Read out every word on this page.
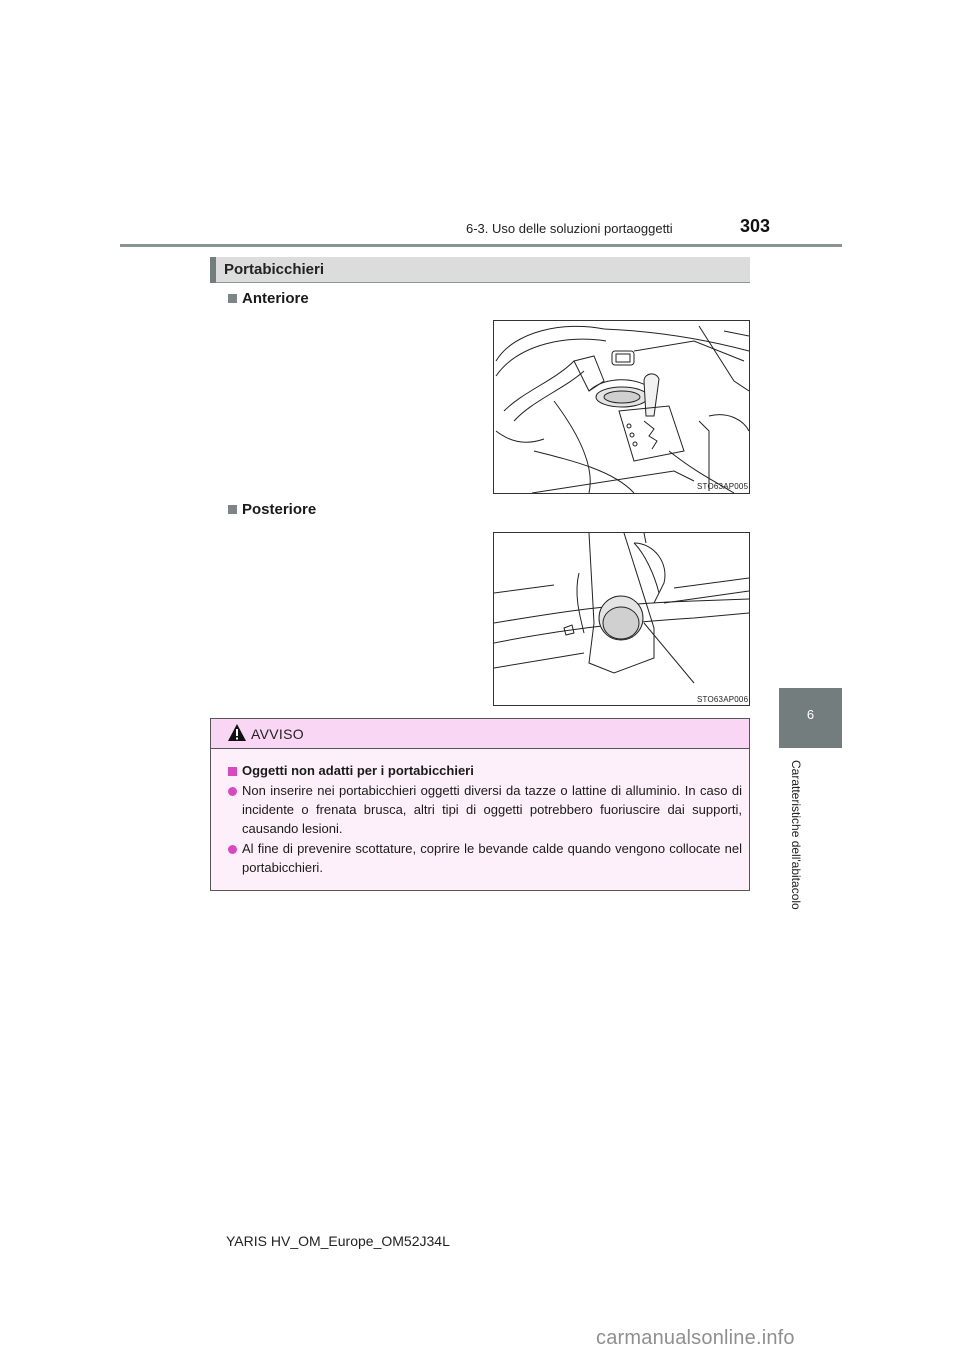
6-3. Uso delle soluzioni portaoggetti	303
6
Caratteristiche dell'abitacolo
Portabicchieri
Anteriore
STO63AP005
Posteriore
STO63AP006
AVVISO
Oggetti non adatti per i portabicchieri
Non inserire nei portabicchieri oggetti diversi da tazze o lattine di alluminio. In caso di incidente o frenata brusca, altri tipi di oggetti potrebbero fuoriuscire dai supporti, causando lesioni.
Al fine di prevenire scottature, coprire le bevande calde quando vengono collocate nel portabicchieri.
YARIS HV_OM_Europe_OM52J34L
carmanualsonline.info
